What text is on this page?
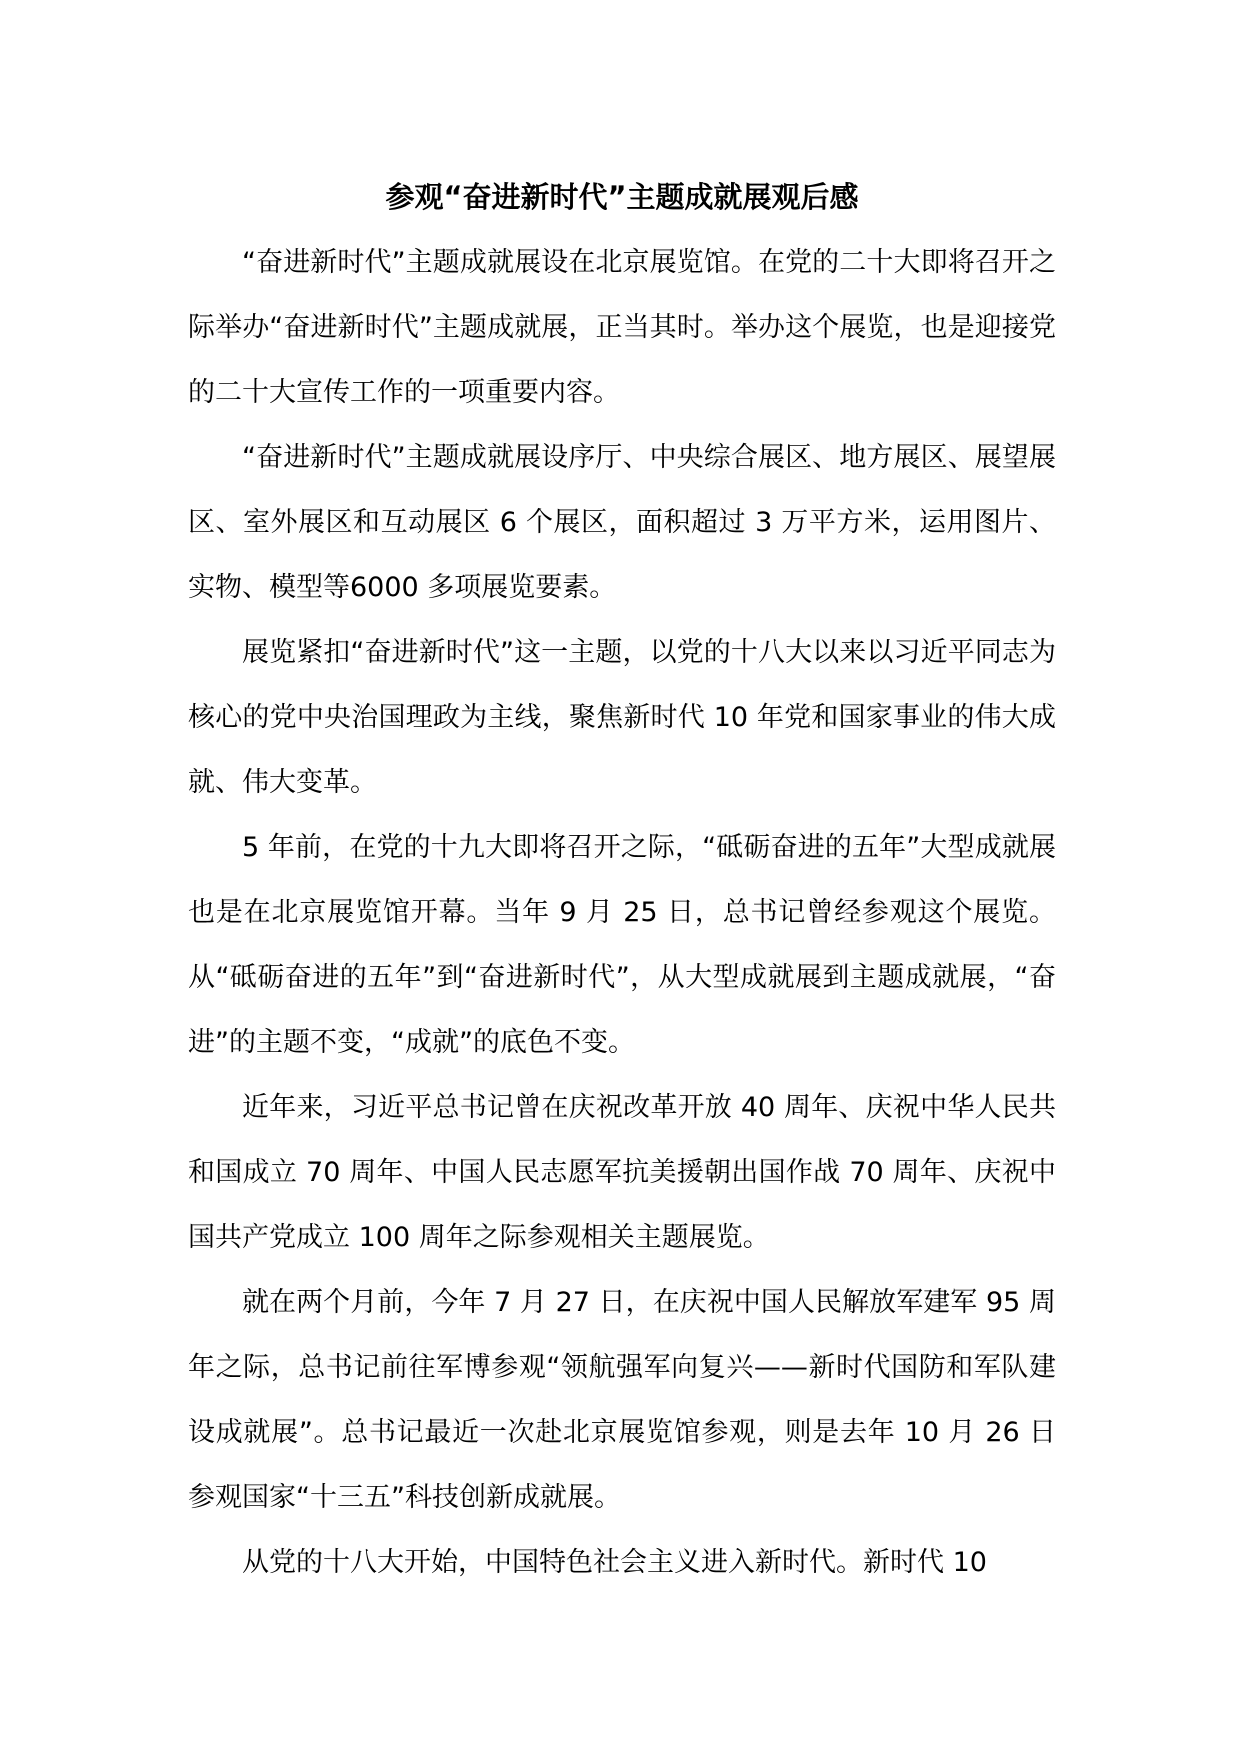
参观“奋进新时代”主题成就展观后感

“奋进新时代”主题成就展设在北京展览馆。在党的二十大即将召开之际举办“奋进新时代”主题成就展，正当其时。举办这个展览，也是迎接党的二十大宣传工作的一项重要内容。

“奋进新时代”主题成就展设序厅、中央综合展区、地方展区、展望展区、室外展区和互动展区 6 个展区，面积超过 3 万平方米，运用图片、实物、模型等6000 多项展览要素。

展览紧扣“奋进新时代”这一主题，以党的十八大以来以习近平同志为核心的党中央治国理政为主线，聚焦新时代 10 年党和国家事业的伟大成就、伟大变革。

5 年前，在党的十九大即将召开之际，“砥砺奋进的五年”大型成就展也是在北京展览馆开幕。当年 9 月 25 日，总书记曾经参观这个展览。从“砥砺奋进的五年”到“奋进新时代”，从大型成就展到主题成就展，“奋进”的主题不变，“成就”的底色不变。

近年来，习近平总书记曾在庆祝改革开放 40 周年、庆祝中华人民共和国成立 70 周年、中国人民志愿军抗美援朝出国作战 70 周年、庆祝中国共产党成立 100 周年之际参观相关主题展览。

就在两个月前，今年 7 月 27 日，在庆祝中国人民解放军建军 95 周年之际，总书记前往军博参观“领航强军向复兴——新时代国防和军队建设成就展”。总书记最近一次赴北京展览馆参观，则是去年 10 月 26 日参观国家“十三五”科技创新成就展。

从党的十八大开始，中国特色社会主义进入新时代。新时代 10
